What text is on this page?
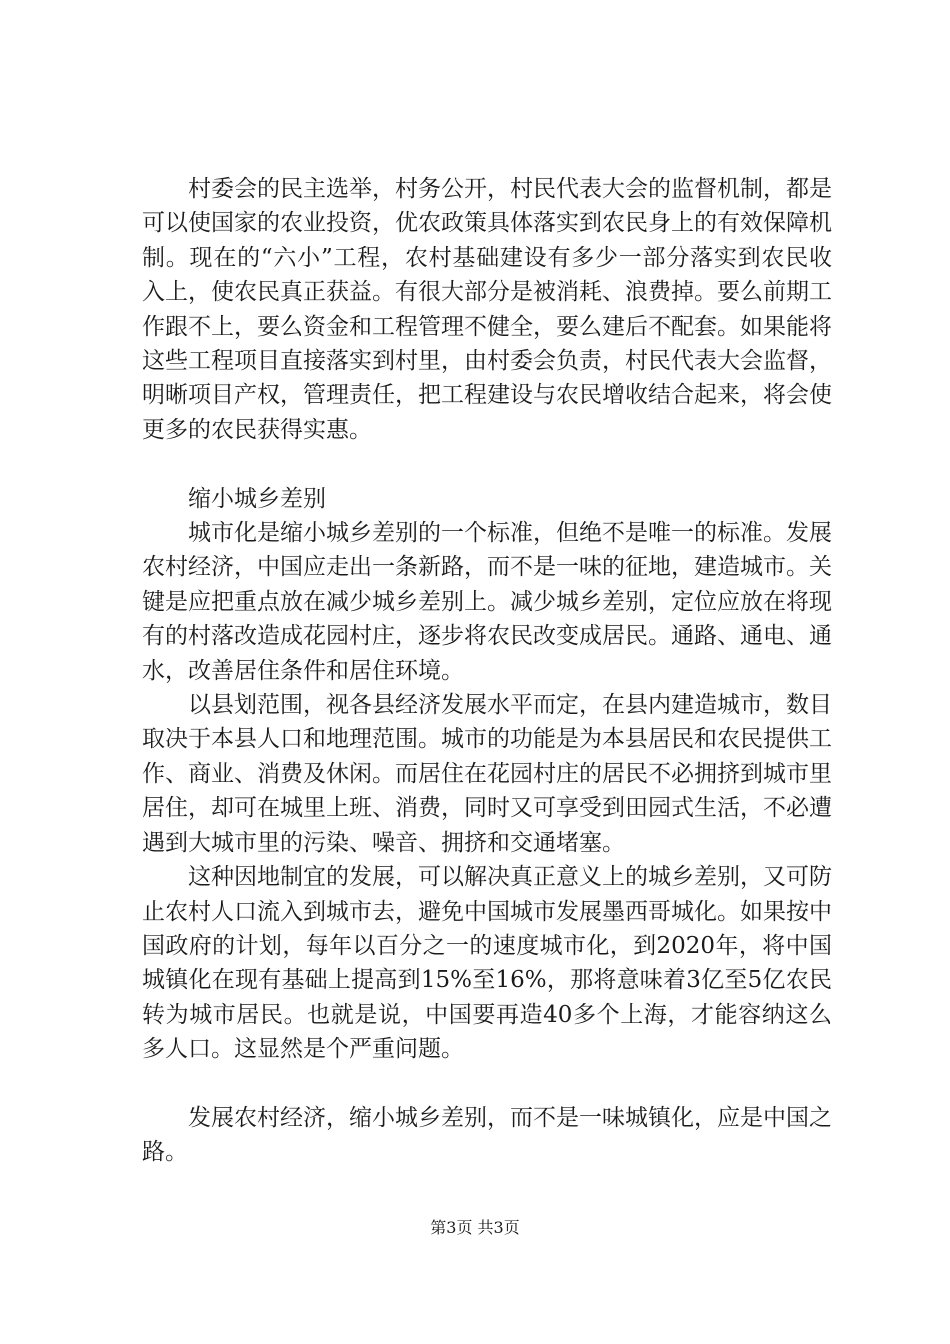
村委会的民主选举，村务公开，村民代表大会的监督机制，都是可以使国家的农业投资，优农政策具体落实到农民身上的有效保障机制。现在的“六小”工程，农村基础建设有多少一部分落实到农民收入上，使农民真正获益。有很大部分是被消耗、浪费掉。要么前期工作跟不上，要么资金和工程管理不健全，要么建后不配套。如果能将这些工程项目直接落实到村里，由村委会负责，村民代表大会监督，明晰项目产权，管理责任，把工程建设与农民增收结合起来，将会使更多的农民获得实惠。

缩小城乡差别

城市化是缩小城乡差别的一个标准，但绝不是唯一的标准。发展农村经济，中国应走出一条新路，而不是一味的征地，建造城市。关键是应把重点放在减少城乡差别上。减少城乡差别，定位应放在将现有的村落改造成花园村庄，逐步将农民改变成居民。通路、通电、通水，改善居住条件和居住环境。

以县划范围，视各县经济发展水平而定，在县内建造城市，数目取决于本县人口和地理范围。城市的功能是为本县居民和农民提供工作、商业、消费及休闲。而居住在花园村庄的居民不必拥挤到城市里居住，却可在城里上班、消费，同时又可享受到田园式生活，不必遭遇到大城市里的污染、噪音、拥挤和交通堵塞。

这种因地制宜的发展，可以解决真正意义上的城乡差别，又可防止农村人口流入到城市去，避免中国城市发展墨西哥城化。如果按中国政府的计划，每年以百分之一的速度城市化，到2020年，将中国城镇化在现有基础上提高到15%至16%，那将意味着3亿至5亿农民转为城市居民。也就是说，中国要再造40多个上海，才能容纳这么多人口。这显然是个严重问题。

发展农村经济，缩小城乡差别，而不是一味城镇化，应是中国之路。

第3页 共3页
